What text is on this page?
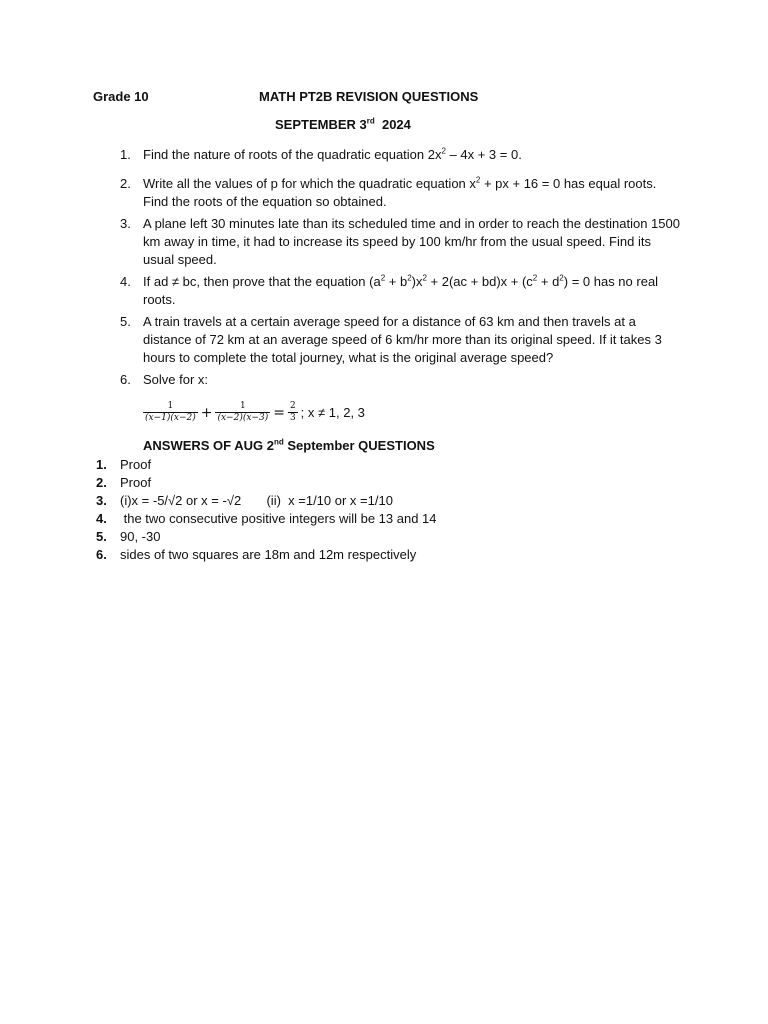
Grade 10	MATH PT2B REVISION QUESTIONS
SEPTEMBER 3rd  2024
1. Find the nature of roots of the quadratic equation $2x^2 - 4x + 3 = 0$.
2. Write all the values of p for which the quadratic equation $x^2$ + px + 16 = 0 has equal roots. Find the roots of the equation so obtained.
3. A plane left 30 minutes late than its scheduled time and in order to reach the destination 1500 km away in time, it had to increase its speed by 100 km/hr from the usual speed. Find its usual speed.
4. If ad ≠ bc, then prove that the equation $(a^2 + b^2)x^2 + 2(ac + bd)x + (c^2 + d^2) = 0$ has no real roots.
5. A train travels at a certain average speed for a distance of 63 km and then travels at a distance of 72 km at an average speed of 6 km/hr more than its original speed. If it takes 3 hours to complete the total journey, what is the original average speed?
6. Solve for x:
$\frac{1}{(x-1)(x-2)} + \frac{1}{(x-2)(x-3)} = \frac{2}{3}$ ; x ≠ 1, 2, 3
ANSWERS OF AUG 2nd September QUESTIONS
1.	Proof
2.	Proof
3.	(i)x = -5/√2 or x = -√2       (ii)  x =1/10 or x =1/10
4.	the two consecutive positive integers will be 13 and 14
5.	90, -30
6.	sides of two squares are 18m and 12m respectively
